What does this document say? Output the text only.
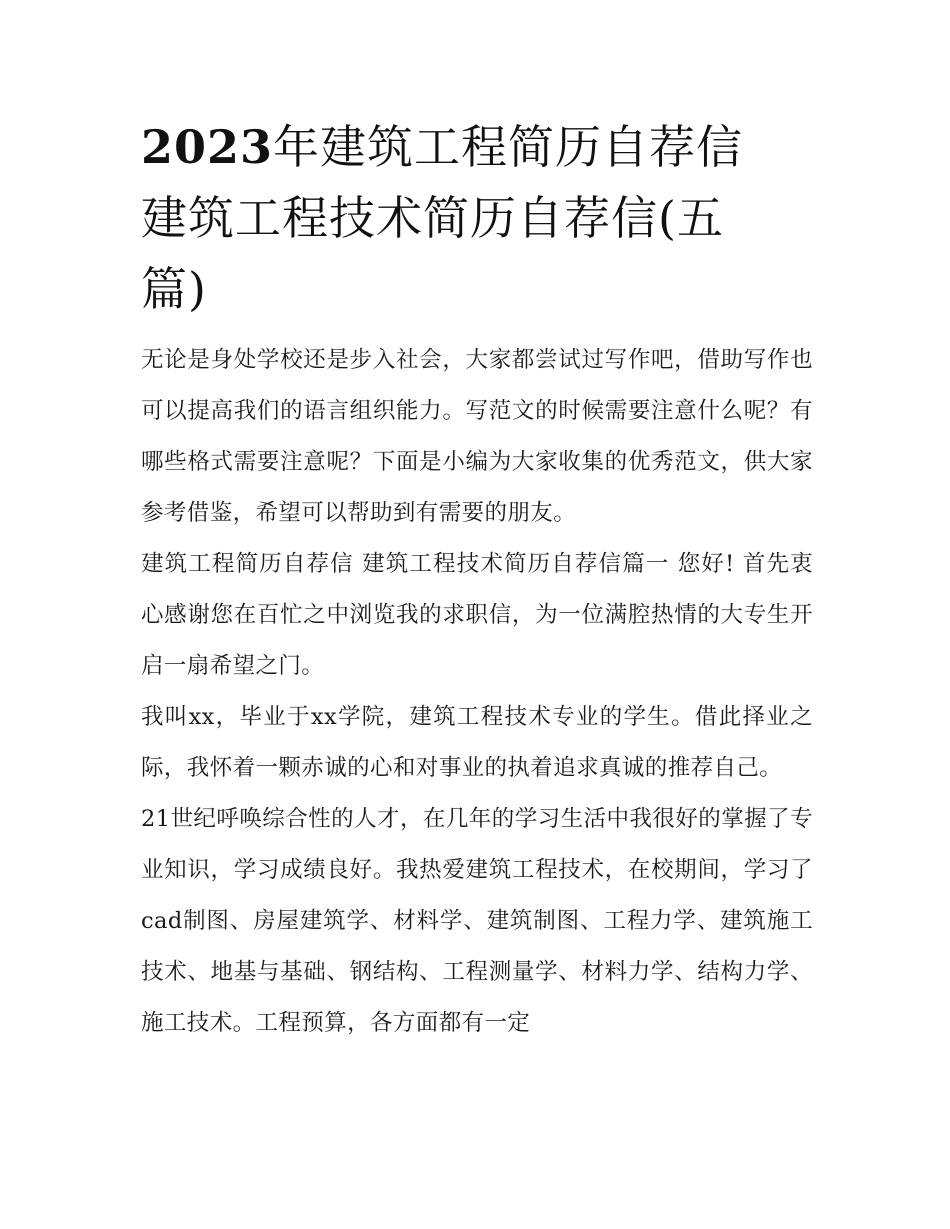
2023年建筑工程简历自荐信
建筑工程技术简历自荐信(五
篇)

无论是身处学校还是步入社会，大家都尝试过写作吧，借助写作也可以提高我们的语言组织能力。写范文的时候需要注意什么呢？有哪些格式需要注意呢？下面是小编为大家收集的优秀范文，供大家参考借鉴，希望可以帮助到有需要的朋友。

建筑工程简历自荐信 建筑工程技术简历自荐信篇一 您好! 首先衷心感谢您在百忙之中浏览我的求职信，为一位满腔热情的大专生开启一扇希望之门。

我叫xx，毕业于xx学院，建筑工程技术专业的学生。借此择业之际，我怀着一颗赤诚的心和对事业的执着追求真诚的推荐自己。

21世纪呼唤综合性的人才，在几年的学习生活中我很好的掌握了专业知识，学习成绩良好。我热爱建筑工程技术，在校期间，学习了cad制图、房屋建筑学、材料学、建筑制图、工程力学、建筑施工技术、地基与基础、钢结构、工程测量学、材料力学、结构力学、施工技术。工程预算，各方面都有一定
